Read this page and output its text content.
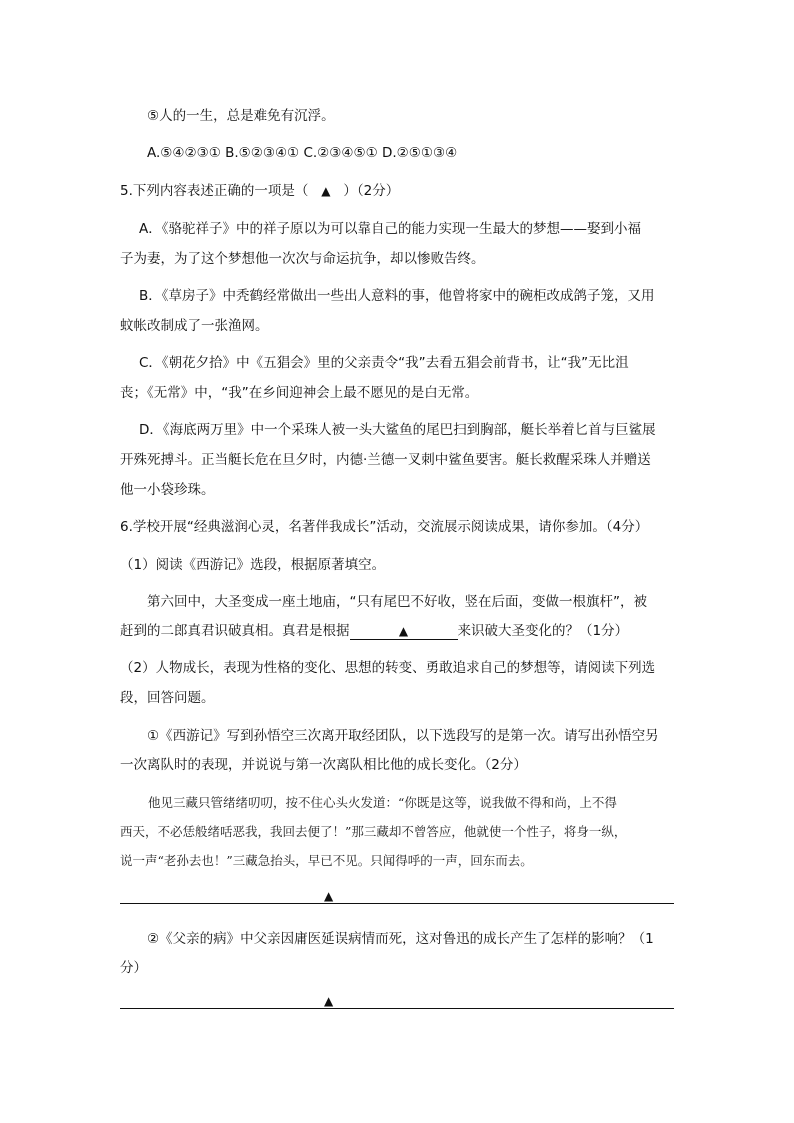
⑤人的一生，总是难免有沉浮。
A.⑤④②③① B.⑤②③④① C.②③④⑤① D.②⑤①③④
5.下列内容表述正确的一项是（ ▲ ）（2分）
A．《骆驼祥子》中的祥子原以为可以靠自己的能力实现一生最大的梦想——娶到小福
子为妻，为了这个梦想他一次次与命运抗争，却以惨败告终。
B．《草房子》中秃鹤经常做出一些出人意料的事，他曾将家中的碗柜改成鸽子笼，又用
蚊帐改制成了一张渔网。
C．《朝花夕拾》中《五猖会》里的父亲责令“我”去看五猖会前背书，让“我”无比沮
丧；《无常》中，“我”在乡间迎神会上最不愿见的是白无常。
D．《海底两万里》中一个采珠人被一头大鲨鱼的尾巴扫到胸部，艇长举着匕首与巨鲨展
开殊死搏斗。正当艇长危在旦夕时，内德·兰德一叉刺中鲨鱼要害。艇长救醒采珠人并赠送
他一小袋珍珠。
6.学校开展“经典滋润心灵，名著伴我成长”活动，交流展示阅读成果，请你参加。（4分）
（1）阅读《西游记》选段，根据原著填空。
第六回中，大圣变成一座土地庙，“只有尾巴不好收，竖在后面，变做一根旗杆”，被
赶到的二郎真君识破真相。真君是根据	▲	来识破大圣变化的？（1分）
（2）人物成长，表现为性格的变化、思想的转变、勇敢追求自己的梦想等，请阅读下列选
段，回答问题。
①《西游记》写到孙悟空三次离开取经团队，以下选段写的是第一次。请写出孙悟空另
一次离队时的表现，并说说与第一次离队相比他的成长变化。（2分）
他见三藏只管绪绪叨叨，按不住心头火发道：“你既是这等，说我做不得和尚，上不得
西天，不必恁般绪咶恶我，我回去便了！”那三藏却不曾答应，他就使一个性子，将身一纵，
说一声“老孙去也！”三藏急抬头，早已不见。只闻得呼的一声，回东而去。
▲
②《父亲的病》中父亲因庸医延误病情而死，这对鲁迅的成长产生了怎样的影响？（1
分）
▲
